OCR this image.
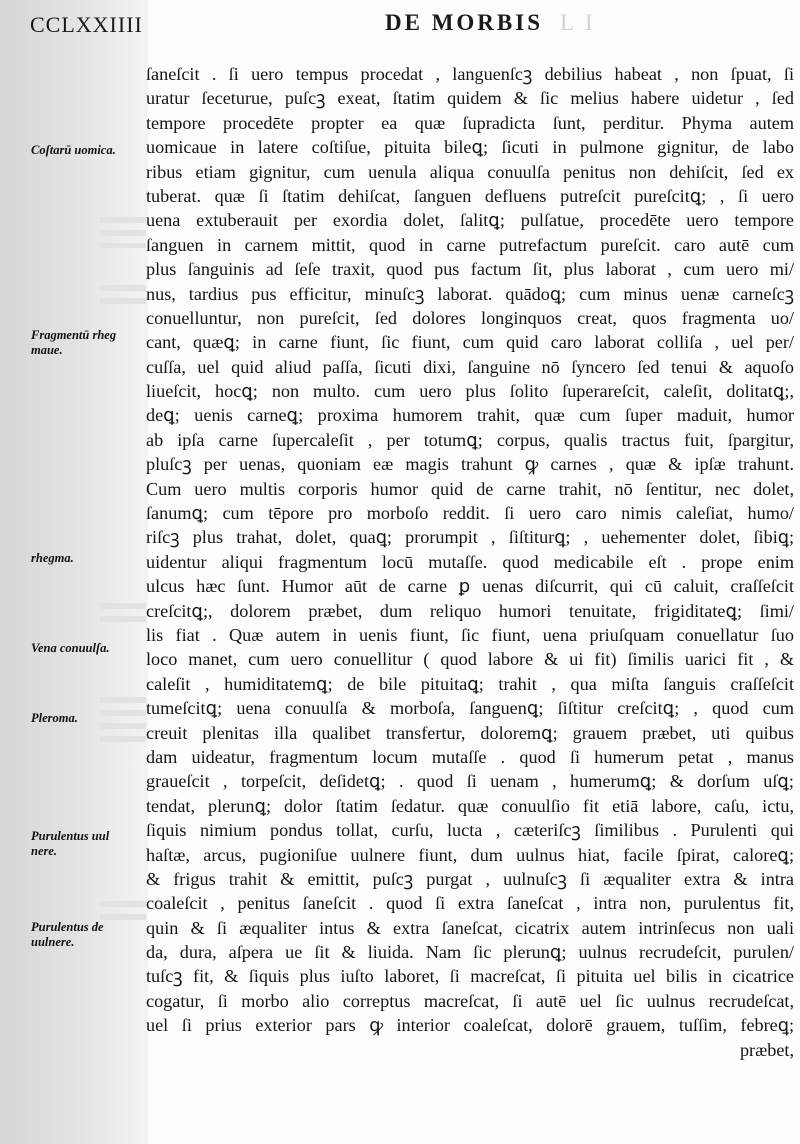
CCLXXIIII	L I
DE MORBIS
Coſtarū uomica.
Fragmentū rheg maue.
rhegma.
Vena conuulſa.
Pleroma.
Purulentus uul nere.
Purulentus de uulnere.
ſaneſcit . ſi uero tempus procedat , languenſcꝫ debilius habeat , non ſpuat, ſi
uratur ſeceturue, puſcꝫ exeat, ſtatim quidem & ſic melius habere uidetur , ſed
tempore procedēte propter ea quæ ſupradicta ſunt, perditur. Phyma autem
uomicaue in latere coſtiſue, pituita bileꝗ; ſicuti in pulmone gignitur, de labo
ribus etiam gignitur, cum uenula aliqua conuulſa penitus non dehiſcit, ſed ex
tuberat. quæ ſi ſtatim dehiſcat, ſanguen defluens putreſcit pureſcitꝗ; , ſi uero
uena extuberauit per exordia dolet, ſalitꝗ; pulſatue, procedēte uero tempore
ſanguen in carnem mittit, quod in carne putrefactum pureſcit. caro autē cum
plus ſanguinis ad ſeſe traxit, quod pus factum ſit, plus laborat , cum uero mi/
nus, tardius pus efficitur, minuſcꝫ laborat. quādoꝗ; cum minus uenæ carneſcꝫ
conuelluntur, non pureſcit, ſed dolores longinquos creat, quos fragmenta uo/
cant, quæꝗ; in carne fiunt, ſic fiunt, cum quid caro laborat colliſa , uel per/
cuſſa, uel quid aliud paſſa, ſicuti dixi, ſanguine nō ſyncero ſed tenui & aquoſo
liueſcit, hocꝗ; non multo. cum uero plus ſolito ſuperareſcit, caleſit, dolitatꝗ;,
deꝗ; uenis carneꝗ; proxima humorem trahit, quæ cum ſuper maduit, humor
ab ipſa carne ſupercaleſit , per totumꝗ; corpus, qualis tractus fuit, ſpargitur,
pluſcꝫ per uenas, quoniam eæ magis trahunt ꝙ carnes , quæ & ipſæ trahunt.
Cum uero multis corporis humor quid de carne trahit, nō ſentitur, nec dolet,
ſanumꝗ; cum tēpore pro morboſo reddit. ſi uero caro nimis caleſiat, humo/
riſcꝫ plus trahat, dolet, quaꝗ; prorumpit , ſiſtiturꝗ; , uehementer dolet, ſibiꝗ;
uidentur aliqui fragmentum locū mutaſſe. quod medicabile eſt . prope enim
ulcus hæc ſunt. Humor aūt de carne ꝑ uenas diſcurrit, qui cū caluit, craſſeſcit
creſcitꝗ;, dolorem præbet, dum reliquo humori tenuitate, frigiditateꝗ; ſimi/
lis fiat . Quæ autem in uenis fiunt, ſic fiunt, uena priuſquam conuellatur ſuo
loco manet, cum uero conuellitur ( quod labore & ui fit) ſimilis uarici fit , &
caleſit , humiditatemꝗ; de bile pituitaꝗ; trahit , qua miſta ſanguis craſſeſcit
tumeſcitꝗ; uena conuulſa & morboſa, ſanguenꝗ; ſiſtitur creſcitꝗ; , quod cum
creuit plenitas illa qualibet transfertur, doloremꝗ; grauem præbet, uti quibus
dam uideatur, fragmentum locum mutaſſe . quod ſi humerum petat , manus
graueſcit , torpeſcit, deſidetꝗ; . quod ſi uenam , humerumꝗ; & dorſum uſꝗ;
tendat, plerunꝗ; dolor ſtatim ſedatur. quæ conuulſio fit etiā labore, caſu, ictu,
ſiquis nimium pondus tollat, curſu, lucta , cæteriſcꝫ ſimilibus . Purulenti qui
haſtæ, arcus, pugioniſue uulnere fiunt, dum uulnus hiat, facile ſpirat, caloreꝗ;
& frigus trahit & emittit, puſcꝫ purgat , uulnuſcꝫ ſi æqualiter extra & intra
coaleſcit , penitus ſaneſcit . quod ſi extra ſaneſcat , intra non, purulentus fit,
quin & ſi æqualiter intus & extra ſaneſcat, cicatrix autem intrinſecus non uali
da, dura, aſpera ue ſit & liuida. Nam ſic plerunꝗ; uulnus recrudeſcit, purulen/
tuſcꝫ fit, & ſiquis plus iuſto laboret, ſi macreſcat, ſi pituita uel bilis in cicatrice
cogatur, ſi morbo alio correptus macreſcat, ſi autē uel ſic uulnus recrudeſcat,
uel ſi prius exterior pars ꝙ interior coaleſcat, dolorē grauem, tuſſim, febreꝗ;
præbet,
